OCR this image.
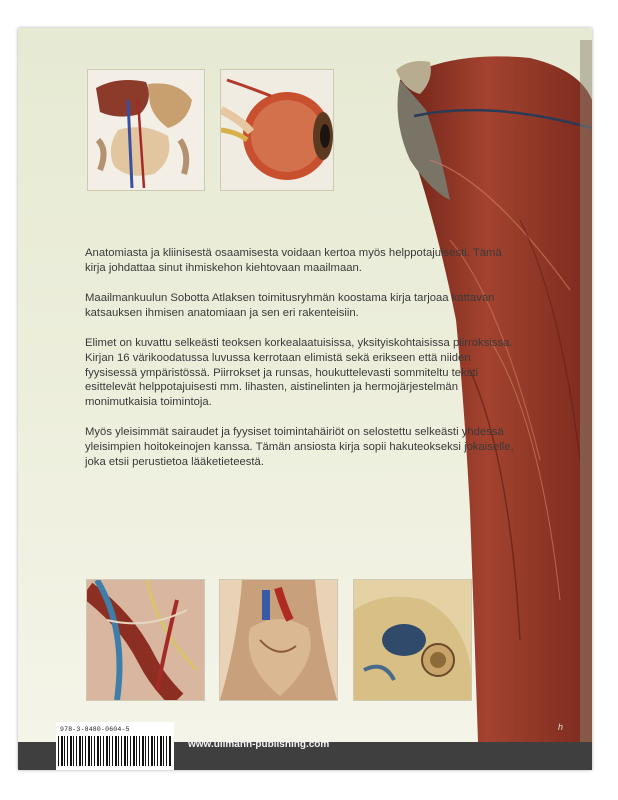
Anatomiasta ja kliinisestä osaamisesta voidaan kertoa myös helppotajuisesti. Tämä kirja johdattaa sinut ihmiskehon kiehtovaan maailmaan.

Maailmankuulun Sobotta Atlaksen toimitusryhmän koostama kirja tarjoaa kattavan katsauksen ihmisen anatomiaan ja sen eri rakenteisiin.

Elimet on kuvattu selkeästi teoksen korkealaatuisissa, yksityiskohtaisissa piirroksissa. Kirjan 16 värikoodatussa luvussa kerrotaan elimistä sekä erikseen että niiden fyysisessä ympäristössä. Piirrokset ja runsas, houkuttelevasti sommiteltu teksti esittelevät helppotajuisesti mm. lihasten, aistinelinten ja hermojärjestelmän monimutkaisia toimintoja.

Myös yleisimmät sairaudet ja fyysiset toimintahäiriöt on selostettu selkeästi yhdessä yleisimpien hoitokeinojen kanssa. Tämän ansiosta kirja sopii hakuteokseksi jokaiselle, joka etsii perustietoa lääketieteestä.

978-3-8480-0604-5
www.ullmann-publishing.com
h
